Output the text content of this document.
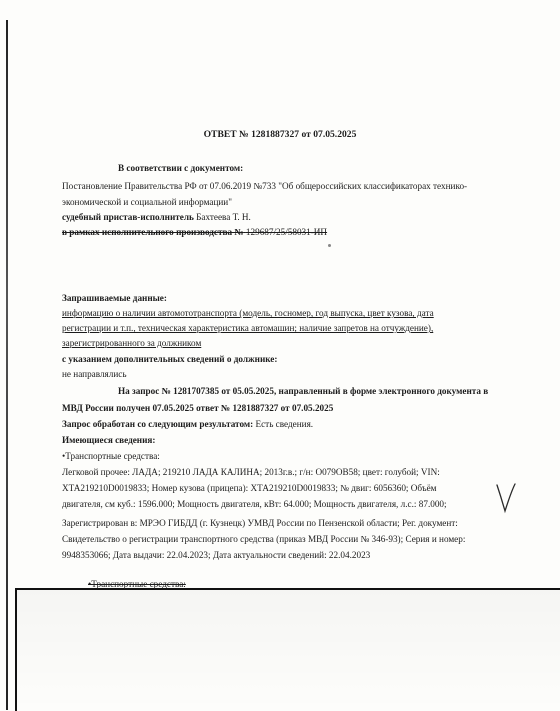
ОТВЕТ № 1281887327 от 07.05.2025
В соответствии с документом:
Постановление Правительства РФ от 07.06.2019 №733 "Об общероссийских классификаторах технико-
экономической и социальной информации"
судебный пристав-исполнитель Бахтеева Т. Н.
в рамках исполнительного производства № 129687/25/58031-ИП
Запрашиваемые данные:
информацию о наличии автомототранспорта (модель, госномер, год выпуска, цвет кузова, дата
регистрации и т.п., техническая характеристика автомашин; наличие запретов на отчуждение),
зарегистрированного за должником
с указанием дополнительных сведений о должнике:
не направлялись
На запрос № 1281707385 от 05.05.2025, направленный в форме электронного документа в
МВД России получен 07.05.2025 ответ № 1281887327 от 07.05.2025
Запрос обработан со следующим результатом: Есть сведения.
Имеющиеся сведения:
•Транспортные средства:
Легковой прочее: ЛАДА; 219210 ЛАДА КАЛИНА; 2013г.в.; г/н: О079ОВ58; цвет: голубой; VIN:
ХТА219210D0019833; Номер кузова (прицепа): ХТА219210D0019833; № двиг: 6056360; Объём
двигателя, см куб.: 1596.000; Мощность двигателя, кВт: 64.000; Мощность двигателя, л.с.: 87.000;
Зарегистрирован в: МРЭО ГИБДД (г. Кузнецк) УМВД России по Пензенской области; Рег. документ:
Свидетельство о регистрации транспортного средства (приказ МВД России № 346-93); Серия и номер:
9948353066; Дата выдачи: 22.04.2023; Дата актуальности сведений: 22.04.2023
•Транспортные средства:
